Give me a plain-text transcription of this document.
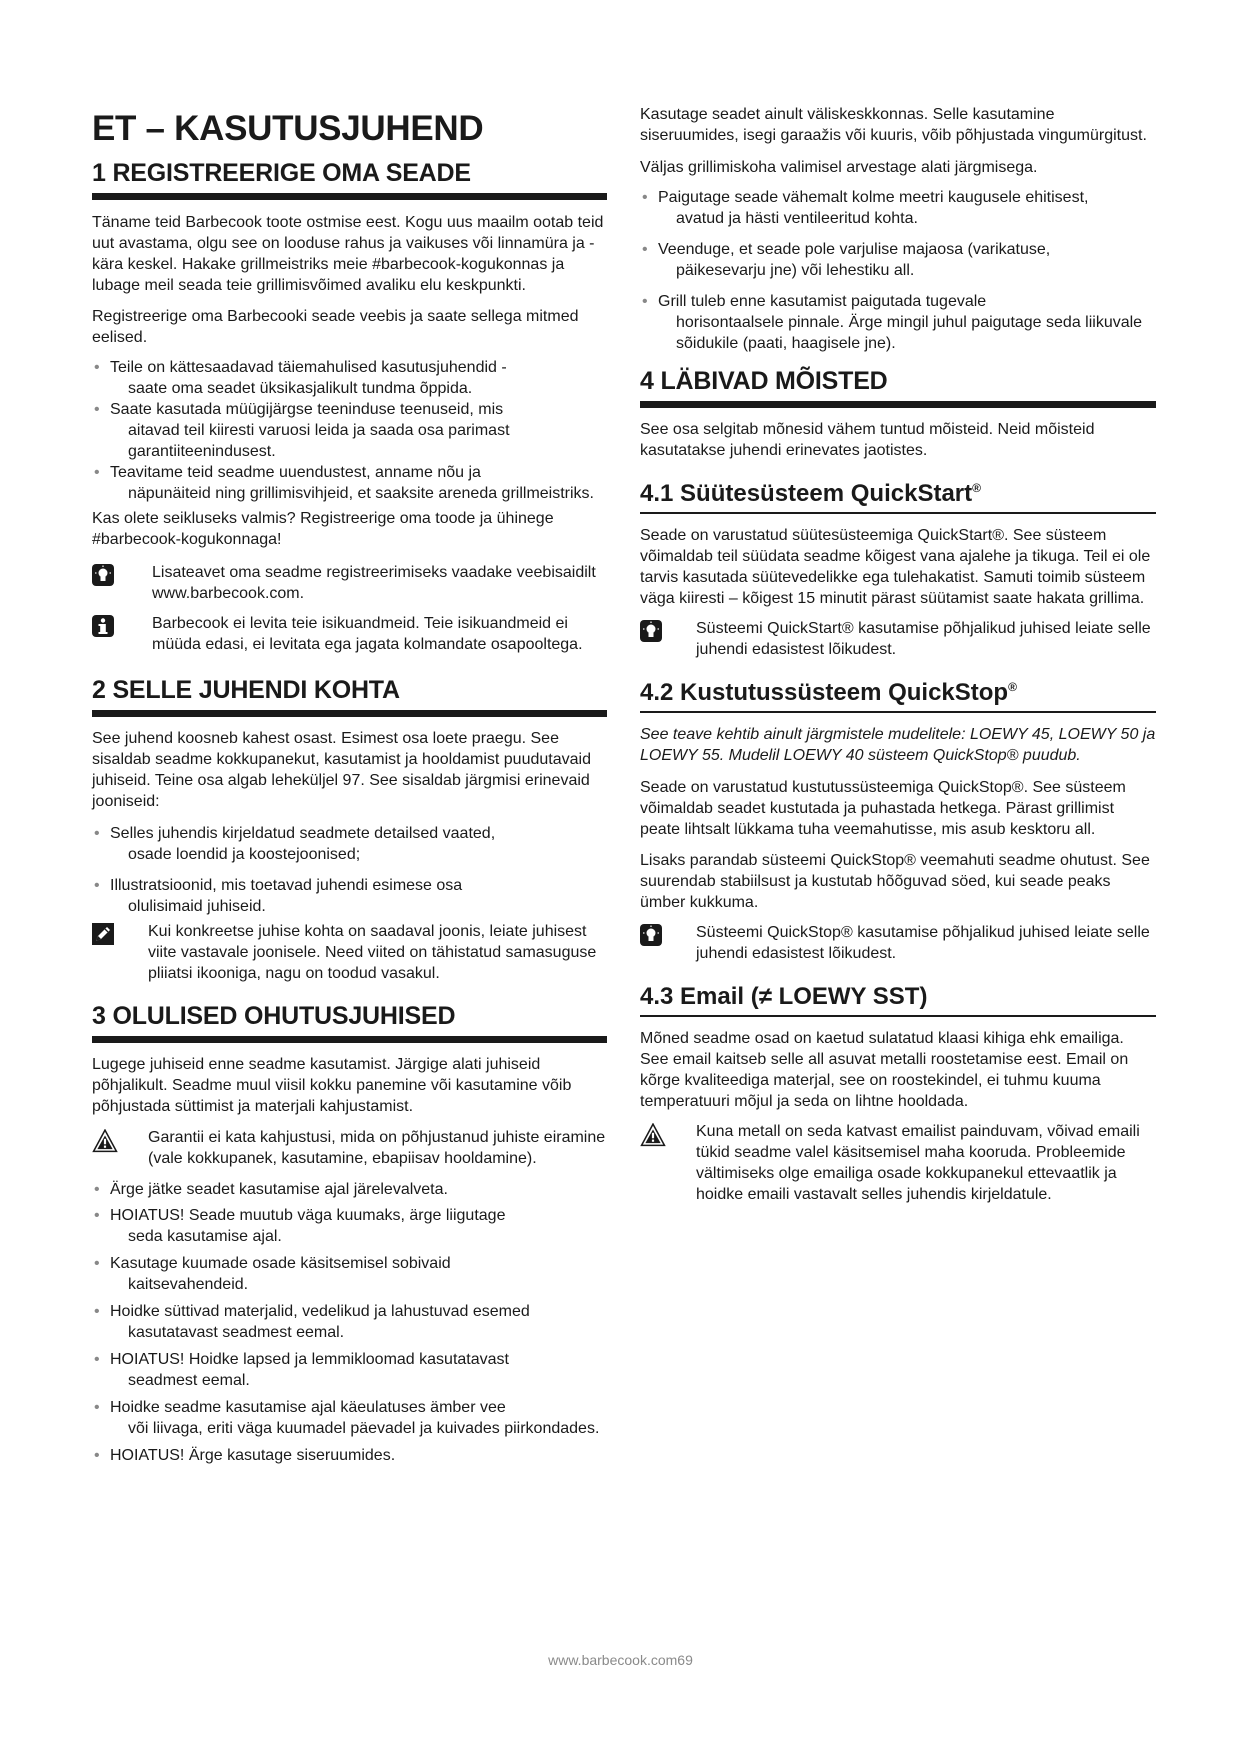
ET – KASUTUSJUHEND
1 REGISTREERIGE OMA SEADE

Täname teid Barbecook toote ostmise eest. Kogu uus maailm ootab teid uut avastama, olgu see on looduse rahus ja vaikuses või linnamüra ja -kära keskel. Hakake grillmeistriks meie #barbecook-kogukonnas ja lubage meil seada teie grillimisvõimed avaliku elu keskpunkti.

Registreerige oma Barbecooki seade veebis ja saate sellega mitmed eelised.

• Teile on kättesaadavad täiemahulised kasutusjuhendid -
saate oma seadet üksikasjalikult tundma õppida.
• Saate kasutada müügijärgse teeninduse teenuseid, mis
aitavad teil kiiresti varuosi leida ja saada osa parimast garantiiteenindusest.
• Teavitame teid seadme uuendustest, anname nõu ja
näpunäiteid ning grillimisvihjeid, et saaksite areneda grillmeistriks.

Kas olete seikluseks valmis? Registreerige oma toode ja ühinege #barbecook-kogukonnaga!

Lisateavet oma seadme registreerimiseks vaadake veebisaidilt www.barbecook.com.
Barbecook ei levita teie isikuandmeid. Teie isikuandmeid ei müüda edasi, ei levitata ega jagata kolmandate osapooltega.
2 SELLE JUHENDI KOHTA

See juhend koosneb kahest osast. Esimest osa loete praegu. See sisaldab seadme kokkupanekut, kasutamist ja hooldamist puudutavaid juhiseid. Teine osa algab leheküljel 97. See sisaldab järgmisi erinevaid jooniseid:

• Selles juhendis kirjeldatud seadmete detailsed vaated,
osade loendid ja koostejoonised;
• Illustratsioonid, mis toetavad juhendi esimese osa
olulisimaid juhiseid.
Kui konkreetse juhise kohta on saadaval joonis, leiate juhisest viite vastavale joonisele. Need viited on tähistatud samasuguse pliiatsi ikooniga, nagu on toodud vasakul.
3 OLULISED OHUTUSJUHISED

Lugege juhiseid enne seadme kasutamist. Järgige alati juhiseid põhjalikult. Seadme muul viisil kokku panemine või kasutamine võib põhjustada süttimist ja materjali kahjustamist.

Garantii ei kata kahjustusi, mida on põhjustanud juhiste eiramine (vale kokkupanek, kasutamine, ebapiisav hooldamine).
• Ärge jätke seadet kasutamise ajal järelevalveta.
• HOIATUS! Seade muutub väga kuumaks, ärge liigutage
seda kasutamise ajal.
• Kasutage kuumade osade käsitsemisel sobivaid
kaitsevahendeid.
• Hoidke süttivad materjalid, vedelikud ja lahustuvad esemed
kasutatavast seadmest eemal.
• HOIATUS! Hoidke lapsed ja lemmikloomad kasutatavast
seadmest eemal.
• Hoidke seadme kasutamise ajal käeulatuses ämber vee
või liivaga, eriti väga kuumadel päevadel ja kuivades piirkondades.
• HOIATUS! Ärge kasutage siseruumides.

Kasutage seadet ainult väliskeskkonnas. Selle kasutamine siseruumides, isegi garaažis või kuuris, võib põhjustada vingumürgitust.

Väljas grillimiskoha valimisel arvestage alati järgmisega.

• Paigutage seade vähemalt kolme meetri kaugusele ehitisest,
avatud ja hästi ventileeritud kohta.
• Veenduge, et seade pole varjulise majaosa (varikatuse,
päikesevarju jne) või lehestiku all.
• Grill tuleb enne kasutamist paigutada tugevale
horisontaalsele pinnale. Ärge mingil juhul paigutage seda liikuvale sõidukile (paati, haagisele jne).
4 LÄBIVAD MÕISTED

See osa selgitab mõnesid vähem tuntud mõisteid. Neid mõisteid kasutatakse juhendi erinevates jaotistes.

4.1 Süütesüsteem QuickStart®

Seade on varustatud süütesüsteemiga QuickStart®. See süsteem võimaldab teil süüdata seadme kõigest vana ajalehe ja tikuga. Teil ei ole tarvis kasutada süütevedelikke ega tulehakatist. Samuti toimib süsteem väga kiiresti – kõigest 15 minutit pärast süütamist saate hakata grillima.

Süsteemi QuickStart® kasutamise põhjalikud juhised leiate selle juhendi edasistest lõikudest.
4.2 Kustutussüsteem QuickStop®

See teave kehtib ainult järgmistele mudelitele: LOEWY 45, LOEWY 50 ja LOEWY 55. Mudelil LOEWY 40 süsteem QuickStop® puudub.

Seade on varustatud kustutussüsteemiga QuickStop®. See süsteem võimaldab seadet kustutada ja puhastada hetkega. Pärast grillimist peate lihtsalt lükkama tuha veemahutisse, mis asub kesktoru all.

Lisaks parandab süsteemi QuickStop® veemahuti seadme ohutust. See suurendab stabiilsust ja kustutab hõõguvad söed, kui seade peaks ümber kukkuma.

Süsteemi QuickStop® kasutamise põhjalikud juhised leiate selle juhendi edasistest lõikudest.
4.3 Email (≠ LOEWY SST)

Mõned seadme osad on kaetud sulatatud klaasi kihiga ehk emailiga. See email kaitseb selle all asuvat metalli roostetamise eest. Email on kõrge kvaliteediga materjal, see on roostekindel, ei tuhmu kuuma temperatuuri mõjul ja seda on lihtne hooldada.

Kuna metall on seda katvast emailist painduvam, võivad emaili tükid seadme valel käsitsemisel maha kooruda. Probleemide vältimiseks olge emailiga osade kokkupanekul ettevaatlik ja hoidke emaili vastavalt selles juhendis kirjeldatule.
www.barbecook.com69
